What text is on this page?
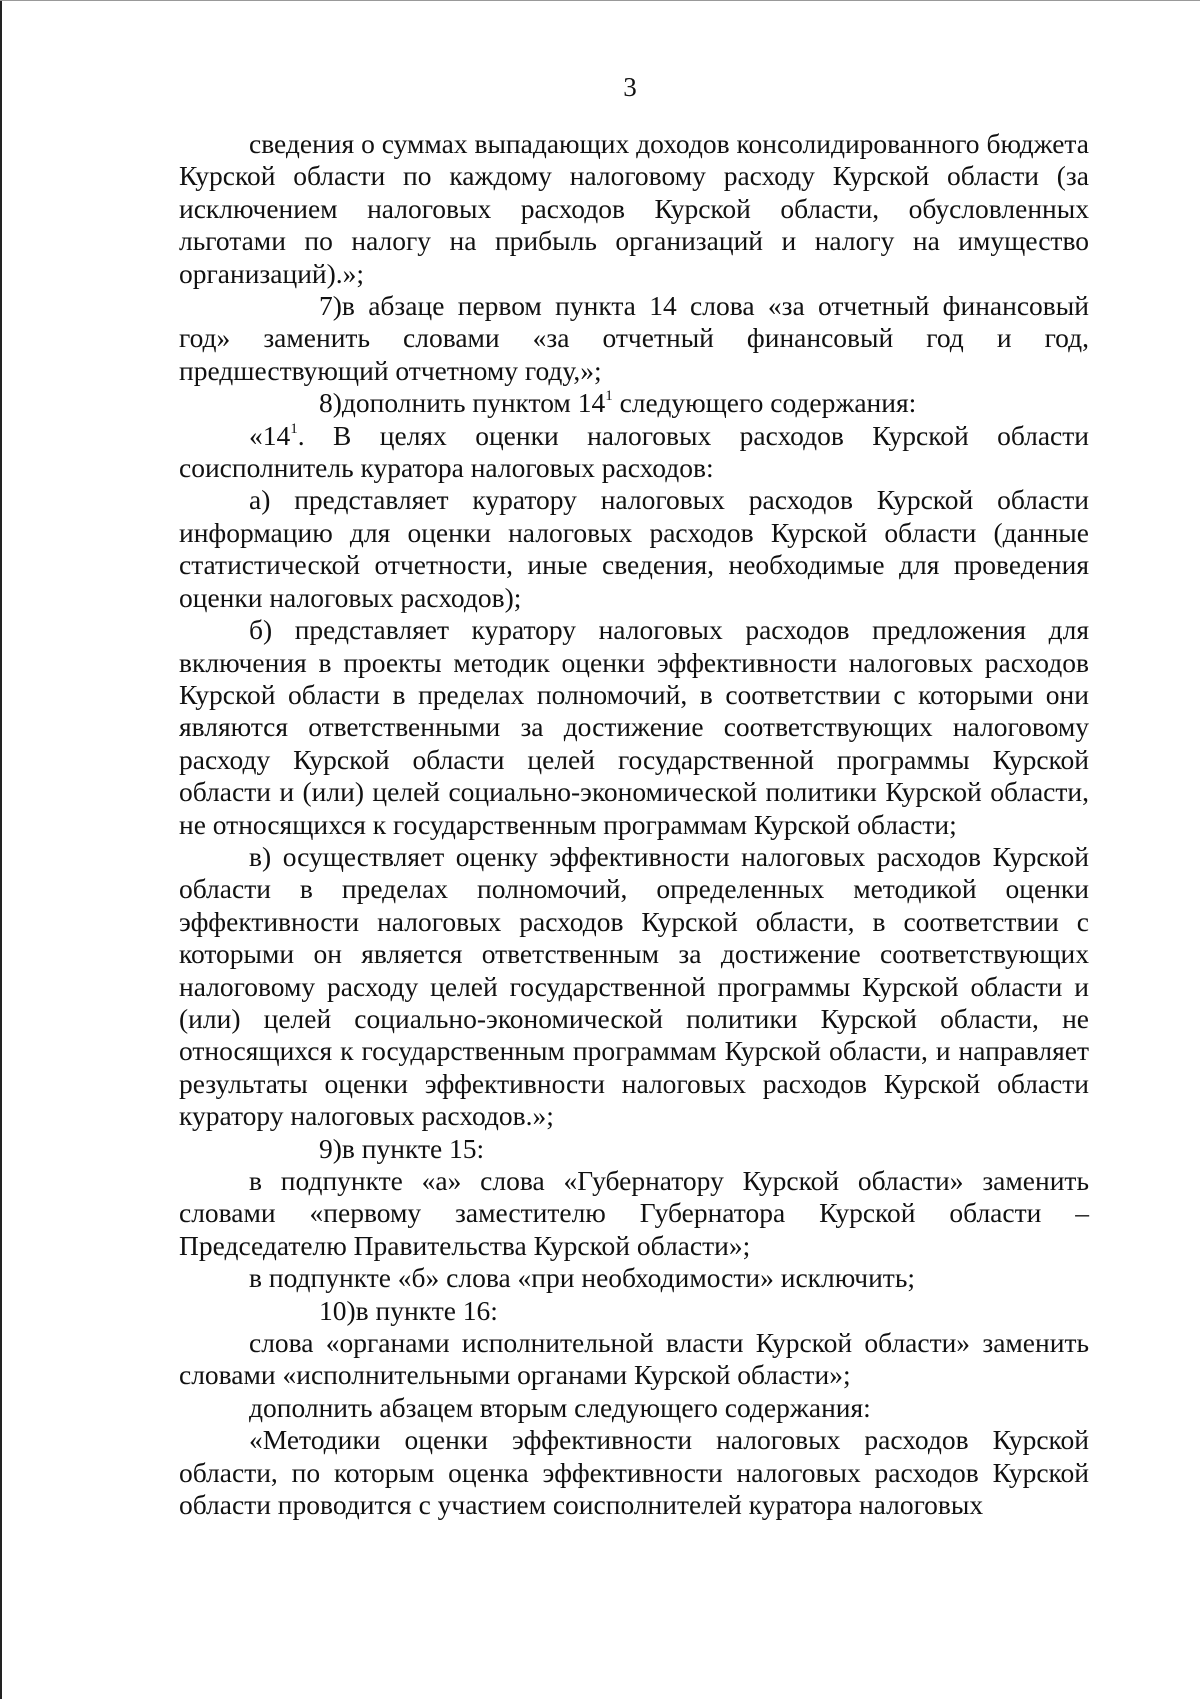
3

сведения о суммах выпадающих доходов консолидированного бюджета Курской области по каждому налоговому расходу Курской области (за исключением налоговых расходов Курской области, обусловленных льготами по налогу на прибыль организаций и налогу на имущество организаций).»;

7)в абзаце первом пункта 14 слова «за отчетный финансовый год» заменить словами «за отчетный финансовый год и год, предшествующий отчетному году,»;

8)дополнить пунктом $14^1$ следующего содержания:

«$14^1$. В целях оценки налоговых расходов Курской области соисполнитель куратора налоговых расходов:

а) представляет куратору налоговых расходов Курской области информацию для оценки налоговых расходов Курской области (данные статистической отчетности, иные сведения, необходимые для проведения оценки налоговых расходов);

б) представляет куратору налоговых расходов предложения для включения в проекты методик оценки эффективности налоговых расходов Курской области в пределах полномочий, в соответствии с которыми они являются ответственными за достижение соответствующих налоговому расходу Курской области целей государственной программы Курской области и (или) целей социально-экономической политики Курской области, не относящихся к государственным программам Курской области;

в) осуществляет оценку эффективности налоговых расходов Курской области в пределах полномочий, определенных методикой оценки эффективности налоговых расходов Курской области, в соответствии с которыми он является ответственным за достижение соответствующих налоговому расходу целей государственной программы Курской области и (или) целей социально-экономической политики Курской области, не относящихся к государственным программам Курской области, и направляет результаты оценки эффективности налоговых расходов Курской области куратору налоговых расходов.»;

9)в пункте 15:

в подпункте «а» слова «Губернатору Курской области» заменить словами «первому заместителю Губернатора Курской области – Председателю Правительства Курской области»;

в подпункте «б» слова «при необходимости» исключить;

10)в пункте 16:

слова «органами исполнительной власти Курской области» заменить словами «исполнительными органами Курской области»;

дополнить абзацем вторым следующего содержания:

«Методики оценки эффективности налоговых расходов Курской области, по которым оценка эффективности налоговых расходов Курской области проводится с участием соисполнителей куратора налоговых
